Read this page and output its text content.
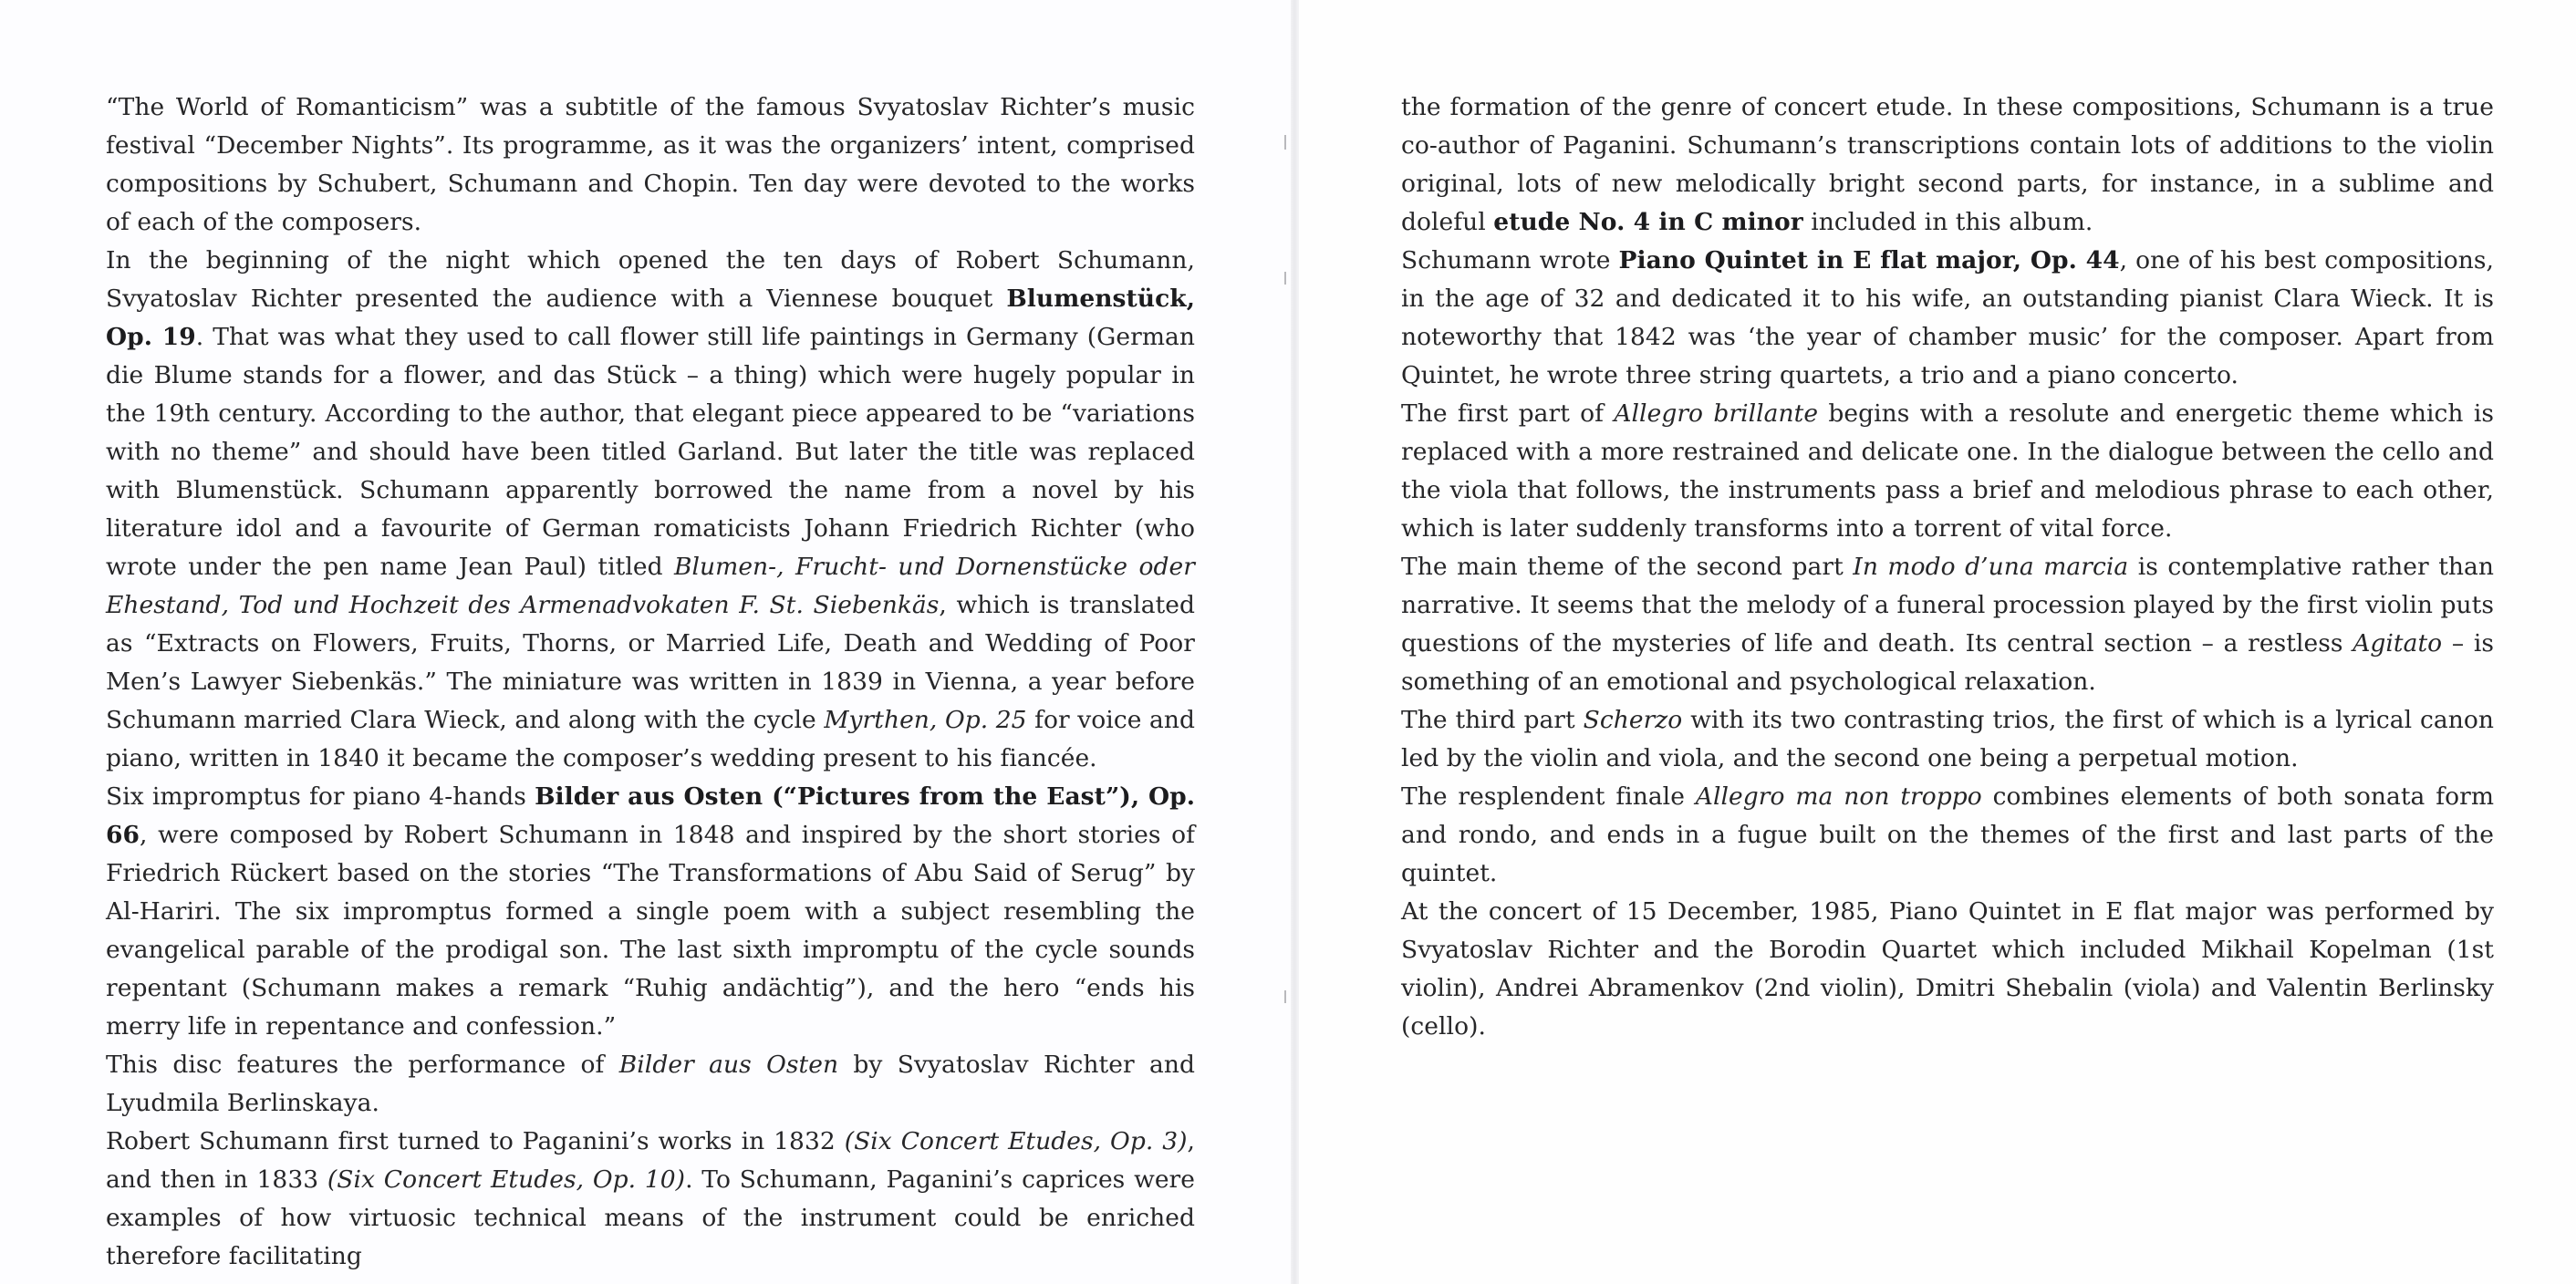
“The World of Romanticism” was a subtitle of the famous Svyatoslav Richter’s music festival “December Nights”. Its programme, as it was the organizers’ intent, comprised compositions by Schubert, Schumann and Chopin. Ten day were devoted to the works of each of the composers.

In the beginning of the night which opened the ten days of Robert Schumann, Svyatoslav Richter presented the audience with a Viennese bouquet Blumenstück, Op. 19. That was what they used to call flower still life paintings in Germany (German die Blume stands for a flower, and das Stück – a thing) which were hugely popular in the 19th century. According to the author, that elegant piece appeared to be “variations with no theme” and should have been titled Garland. But later the title was replaced with Blumenstück. Schumann apparently borrowed the name from a novel by his literature idol and a favourite of German romaticists Johann Friedrich Richter (who wrote under the pen name Jean Paul) titled Blumen-, Frucht- und Dornenstücke oder Ehestand, Tod und Hochzeit des Armenadvokaten F. St. Siebenkäs, which is translated as “Extracts on Flowers, Fruits, Thorns, or Married Life, Death and Wedding of Poor Men’s Lawyer Siebenkäs.” The miniature was written in 1839 in Vienna, a year before Schumann married Clara Wieck, and along with the cycle Myrthen, Op. 25 for voice and piano, written in 1840 it became the composer’s wedding present to his fiancée.

Six impromptus for piano 4-hands Bilder aus Osten (“Pictures from the East”), Op. 66, were composed by Robert Schumann in 1848 and inspired by the short stories of Friedrich Rückert based on the stories “The Transformations of Abu Said of Serug” by Al-Hariri. The six impromptus formed a single poem with a subject resembling the evangelical parable of the prodigal son. The last sixth impromptu of the cycle sounds repentant (Schumann makes a remark “Ruhig andächtig”), and the hero “ends his merry life in repentance and confession.”

This disc features the performance of Bilder aus Osten by Svyatoslav Richter and Lyudmila Berlinskaya.

Robert Schumann first turned to Paganini’s works in 1832 (Six Concert Etudes, Op. 3), and then in 1833 (Six Concert Etudes, Op. 10). To Schumann, Paganini’s caprices were examples of how virtuosic technical means of the instrument could be enriched therefore facilitating

the formation of the genre of concert etude. In these compositions, Schumann is a true co-author of Paganini. Schumann’s transcriptions contain lots of additions to the violin original, lots of new melodically bright second parts, for instance, in a sublime and doleful etude No. 4 in C minor included in this album.

Schumann wrote Piano Quintet in E flat major, Op. 44, one of his best compositions, in the age of 32 and dedicated it to his wife, an outstanding pianist Clara Wieck. It is noteworthy that 1842 was ‘the year of chamber music’ for the composer. Apart from Quintet, he wrote three string quartets, a trio and a piano concerto.

The first part of Allegro brillante begins with a resolute and energetic theme which is replaced with a more restrained and delicate one. In the dialogue between the cello and the viola that follows, the instruments pass a brief and melodious phrase to each other, which is later suddenly transforms into a torrent of vital force.

The main theme of the second part In modo d’una marcia is contemplative rather than narrative. It seems that the melody of a funeral procession played by the first violin puts questions of the mysteries of life and death. Its central section – a restless Agitato – is something of an emotional and psychological relaxation.

The third part Scherzo with its two contrasting trios, the first of which is a lyrical canon led by the violin and viola, and the second one being a perpetual motion.

The resplendent finale Allegro ma non troppo combines elements of both sonata form and rondo, and ends in a fugue built on the themes of the first and last parts of the quintet.

At the concert of 15 December, 1985, Piano Quintet in E flat major was performed by Svyatoslav Richter and the Borodin Quartet which included Mikhail Kopelman (1st violin), Andrei Abramenkov (2nd violin), Dmitri Shebalin (viola) and Valentin Berlinsky (cello).
